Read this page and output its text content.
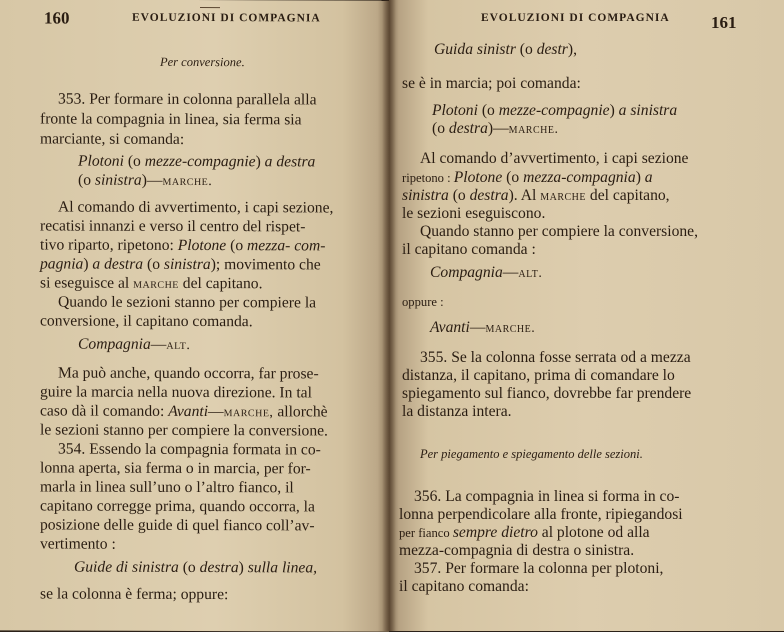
160	EVOLUZIONI DI COMPAGNIA
Per conversione.
353. Per formare in colonna parallela alla
fronte la compagnia in linea, sia ferma sia
marciante, si comanda:
Plotoni (o mezze-compagnie) a destra
(o sinistra)—marche.
Al comando di avvertimento, i capi sezione,
recatisi innanzi e verso il centro del rispet-
tivo riparto, ripetono: Plotone (o mezza- com-
pagnia) a destra (o sinistra); movimento che
si eseguisce al marche del capitano.
Quando le sezioni stanno per compiere la
conversione, il capitano comanda.
Compagnia—alt.
Ma può anche, quando occorra, far prose-
guire la marcia nella nuova direzione. In tal
caso dà il comando: Avanti—marche, allorchè
le sezioni stanno per compiere la conversione.
354. Essendo la compagnia formata in co-
lonna aperta, sia ferma o in marcia, per for-
marla in linea sull’uno o l’altro fianco, il
capitano corregge prima, quando occorra, la
posizione delle guide di quel fianco coll’av-
vertimento :
Guide di sinistra (o destra) sulla linea,
se la colonna è ferma; oppure:
EVOLUZIONI DI COMPAGNIA 161
Guida sinistr (o destr),
se è in marcia; poi comanda:
Plotoni (o mezze-compagnie) a sinistra
(o destra)—marche.
Al comando d’avvertimento, i capi sezione
ripetono : Plotone (o mezza-compagnia) a
sinistra (o destra). Al marche del capitano,
le sezioni eseguiscono.
Quando stanno per compiere la conversione,
il capitano comanda :
Compagnia—alt.
oppure :
Avanti—marche.
355. Se la colonna fosse serrata od a mezza
distanza, il capitano, prima di comandare lo
spiegamento sul fianco, dovrebbe far prendere
la distanza intera.
Per piegamento e spiegamento delle sezioni.
356. La compagnia in linea si forma in co-
lonna perpendicolare alla fronte, ripiegandosi
per fianco sempre dietro al plotone od alla
mezza-compagnia di destra o sinistra.
357. Per formare la colonna per plotoni,
il capitano comanda:
